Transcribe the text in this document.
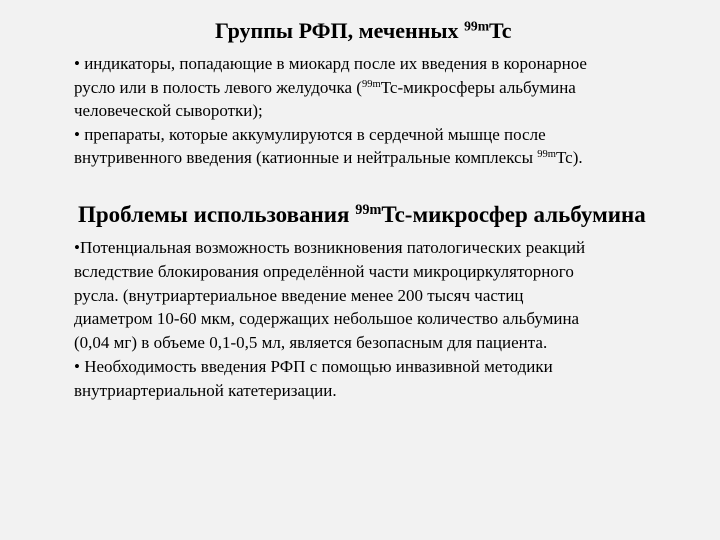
Группы РФП, меченных $^{99m}$Tc

• индикаторы, попадающие в миокард после их введения в коронарное

русло или в полость левого желудочка ($^{99m}$Tc-микросферы альбумина

человеческой сыворотки);

• препараты, которые аккумулируются в сердечной мышце после

внутривенного введения (катионные и нейтральные комплексы $^{99m}$Tc).

Проблемы использования $^{99m}$Tc-микросфер альбумина

•Потенциальная возможность возникновения патологических реакций

вследствие блокирования определённой части микроциркуляторного

русла. (внутриартериальное введение менее 200 тысяч частиц

диаметром 10-60 мкм, содержащих небольшое количество альбумина

(0,04 мг) в объеме 0,1-0,5 мл, является безопасным для пациента.

• Необходимость введения РФП с помощью инвазивной методики

внутриартериальной катетеризации.
